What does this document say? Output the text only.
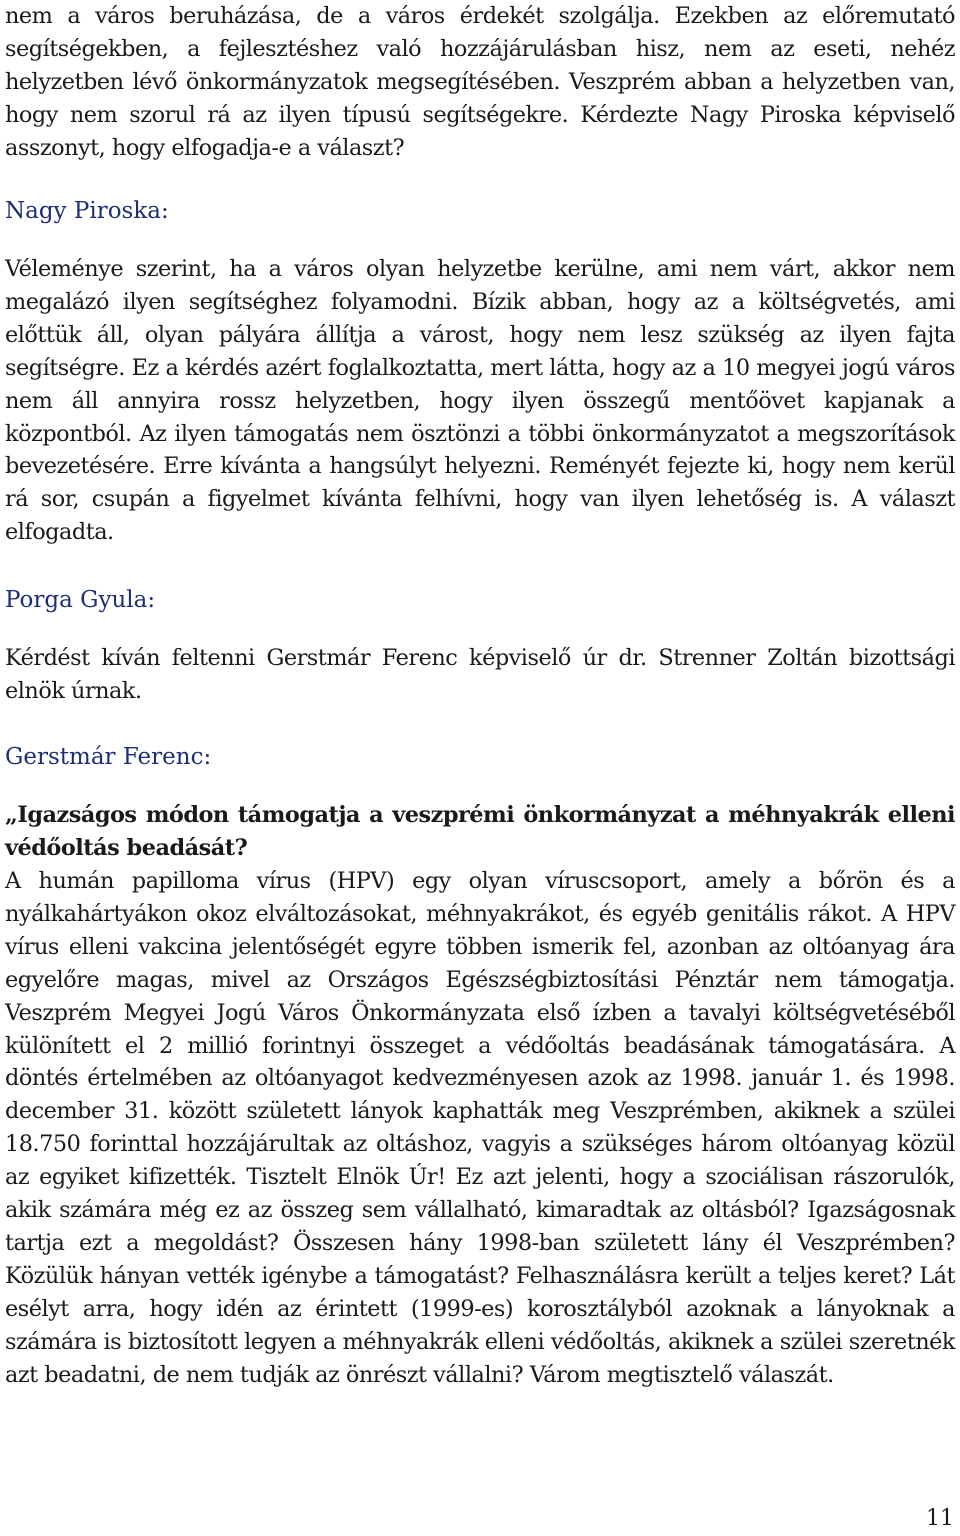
nem a város beruházása, de a város érdekét szolgálja. Ezekben az előremutató segítségekben, a fejlesztéshez való hozzájárulásban hisz, nem az eseti, nehéz helyzetben lévő önkormányzatok megsegítésében. Veszprém abban a helyzetben van, hogy nem szorul rá az ilyen típusú segítségekre. Kérdezte Nagy Piroska képviselő asszonyt, hogy elfogadja-e a választ?

Nagy Piroska:

Véleménye szerint, ha a város olyan helyzetbe kerülne, ami nem várt, akkor nem megalázó ilyen segítséghez folyamodni. Bízik abban, hogy az a költségvetés, ami előttük áll, olyan pályára állítja a várost, hogy nem lesz szükség az ilyen fajta segítségre. Ez a kérdés azért foglalkoztatta, mert látta, hogy az a 10 megyei jogú város nem áll annyira rossz helyzetben, hogy ilyen összegű mentőövet kapjanak a központból. Az ilyen támogatás nem ösztönzi a többi önkormányzatot a megszorítások bevezetésére. Erre kívánta a hangsúlyt helyezni. Reményét fejezte ki, hogy nem kerül rá sor, csupán a figyelmet kívánta felhívni, hogy van ilyen lehetőség is. A választ elfogadta.

Porga Gyula:

Kérdést kíván feltenni Gerstmár Ferenc képviselő úr dr. Strenner Zoltán bizottsági elnök úrnak.

Gerstmár Ferenc:

„Igazságos módon támogatja a veszprémi önkormányzat a méhnyakrák elleni védőoltás beadását?

A humán papilloma vírus (HPV) egy olyan víruscsoport, amely a bőrön és a nyálkahártyákon okoz elváltozásokat, méhnyakrákot, és egyéb genitális rákot. A HPV vírus elleni vakcina jelentőségét egyre többen ismerik fel, azonban az oltóanyag ára egyelőre magas, mivel az Országos Egészségbiztosítási Pénztár nem támogatja. Veszprém Megyei Jogú Város Önkormányzata első ízben a tavalyi költségvetéséből különített el 2 millió forintnyi összeget a védőoltás beadásának támogatására. A döntés értelmében az oltóanyagot kedvezményesen azok az 1998. január 1. és 1998. december 31. között született lányok kaphatták meg Veszprémben, akiknek a szülei 18.750 forinttal hozzájárultak az oltáshoz, vagyis a szükséges három oltóanyag közül az egyiket kifizették. Tisztelt Elnök Úr! Ez azt jelenti, hogy a szociálisan rászorulók, akik számára még ez az összeg sem vállalható, kimaradtak az oltásból? Igazságosnak tartja ezt a megoldást? Összesen hány 1998-ban született lány él Veszprémben? Közülük hányan vették igénybe a támogatást? Felhasználásra került a teljes keret? Lát esélyt arra, hogy idén az érintett (1999-es) korosztályból azoknak a lányoknak a számára is biztosított legyen a méhnyakrák elleni védőoltás, akiknek a szülei szeretnék azt beadatni, de nem tudják az önrészt vállalni? Várom megtisztelő válaszát.

11
